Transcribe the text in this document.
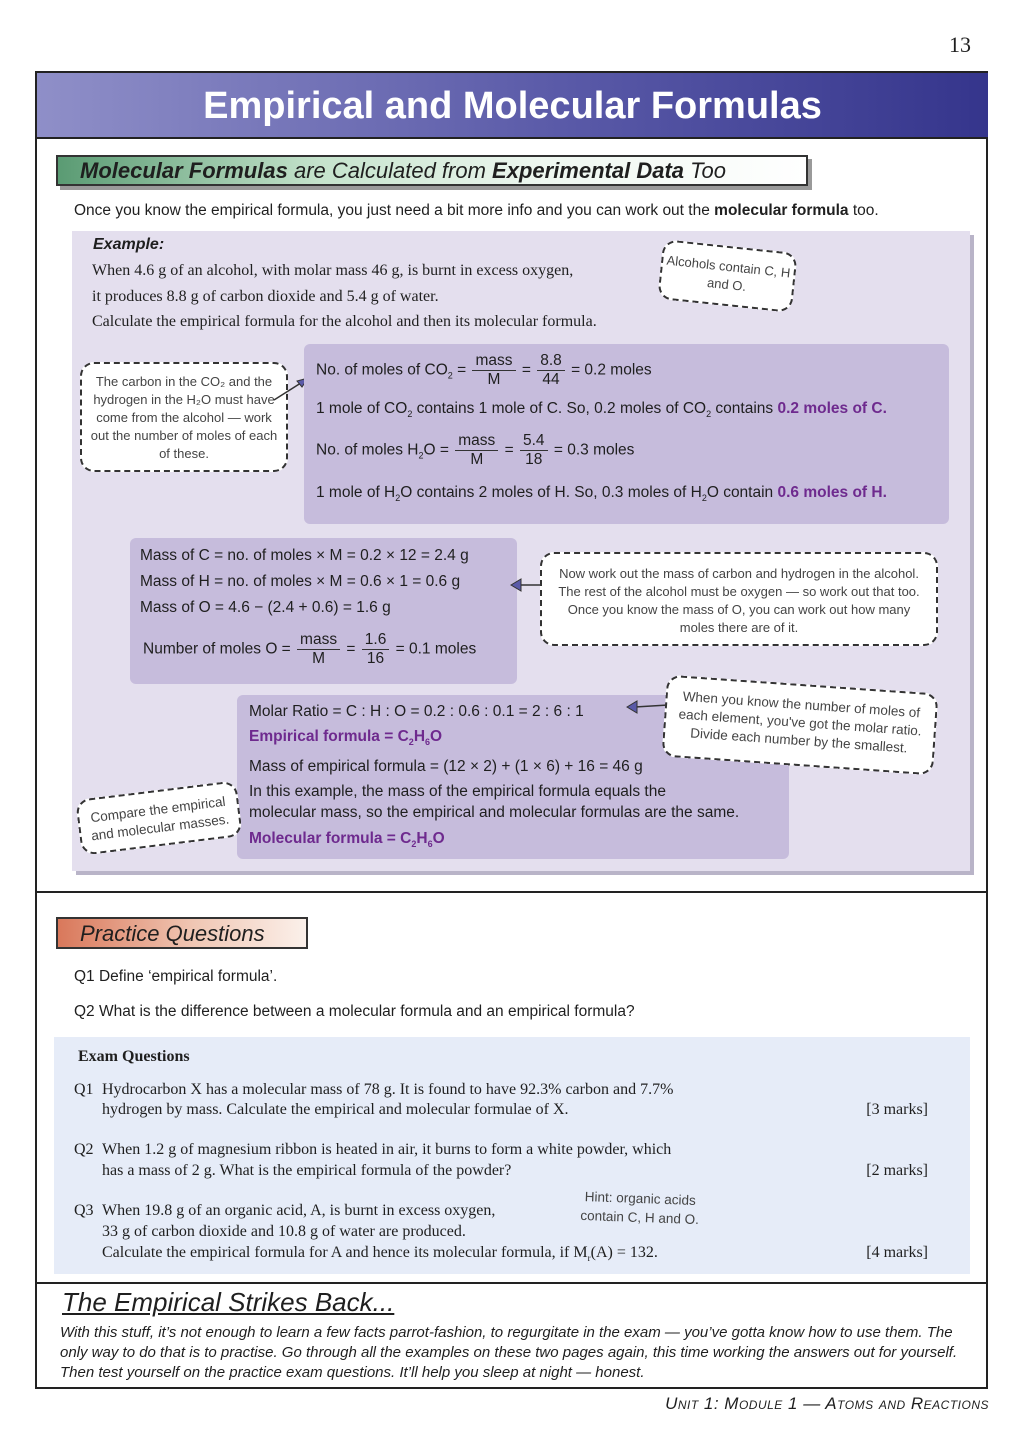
13
Empirical and Molecular Formulas
Molecular Formulas are Calculated from Experimental Data Too
Once you know the empirical formula, you just need a bit more info and you can work out the molecular formula too.
Example:
When 4.6 g of an alcohol, with molar mass 46 g, is burnt in excess oxygen,
it produces 8.8 g of carbon dioxide and 5.4 g of water.
Calculate the empirical formula for the alcohol and then its molecular formula.
Alcohols contain C, H and O.
The carbon in the CO₂ and the hydrogen in the H₂O must have come from the alcohol — work out the number of moles of each of these.
No. of moles of $CO_2 = \frac{\text{mass}}{M} = \frac{8.8}{44} = 0.2$ moles
1 mole of $CO_2$ contains 1 mole of C. So, 0.2 moles of $CO_2$ contains 0.2 moles of C.
No. of moles $H_2O = \frac{\text{mass}}{M} = \frac{5.4}{18} = 0.3$ moles
1 mole of $H_2O$ contains 2 moles of H. So, 0.3 moles of $H_2O$ contain 0.6 moles of H.
Mass of C = no. of moles × M = 0.2 × 12 = 2.4 g
Mass of H = no. of moles × M = 0.6 × 1 = 0.6 g
Mass of O = 4.6 − (2.4 + 0.6) = 1.6 g
Number of moles $O = \frac{\text{mass}}{M} = \frac{1.6}{16} = 0.1$ moles
Now work out the mass of carbon and hydrogen in the alcohol. The rest of the alcohol must be oxygen — so work out that too. Once you know the mass of O, you can work out how many moles there are of it.
Molar Ratio = C : H : O = 0.2 : 0.6 : 0.1 = 2 : 6 : 1
Empirical formula = $C_2H_6O$
Mass of empirical formula = (12 × 2) + (1 × 6) + 16 = 46 g
In this example, the mass of the empirical formula equals the
molecular mass, so the empirical and molecular formulas are the same.
Molecular formula = $C_2H_6O$
When you know the number of moles of each element, you've got the molar ratio. Divide each number by the smallest.
Compare the empirical and molecular masses.
Practice Questions
Q1 Define ‘empirical formula’.
Q2 What is the difference between a molecular formula and an empirical formula?
Exam Questions
Q1 Hydrocarbon X has a molecular mass of 78 g. It is found to have 92.3% carbon and 7.7%
hydrogen by mass. Calculate the empirical and molecular formulae of X.	[3 marks]
Q2 When 1.2 g of magnesium ribbon is heated in air, it burns to form a white powder, which
has a mass of 2 g. What is the empirical formula of the powder?	[2 marks]
Q3 When 19.8 g of an organic acid, A, is burnt in excess oxygen,
33 g of carbon dioxide and 10.8 g of water are produced.
Calculate the empirical formula for A and hence its molecular formula, if $M_r(A) = 132$.	[4 marks]
Hint: organic acids contain C, H and O.
The Empirical Strikes Back...
With this stuff, it’s not enough to learn a few facts parrot-fashion, to regurgitate in the exam — you’ve gotta know how to use them. The only way to do that is to practise. Go through all the examples on these two pages again, this time working the answers out for yourself. Then test yourself on the practice exam questions. It’ll help you sleep at night — honest.
Unit 1: Module 1 — Atoms and Reactions
